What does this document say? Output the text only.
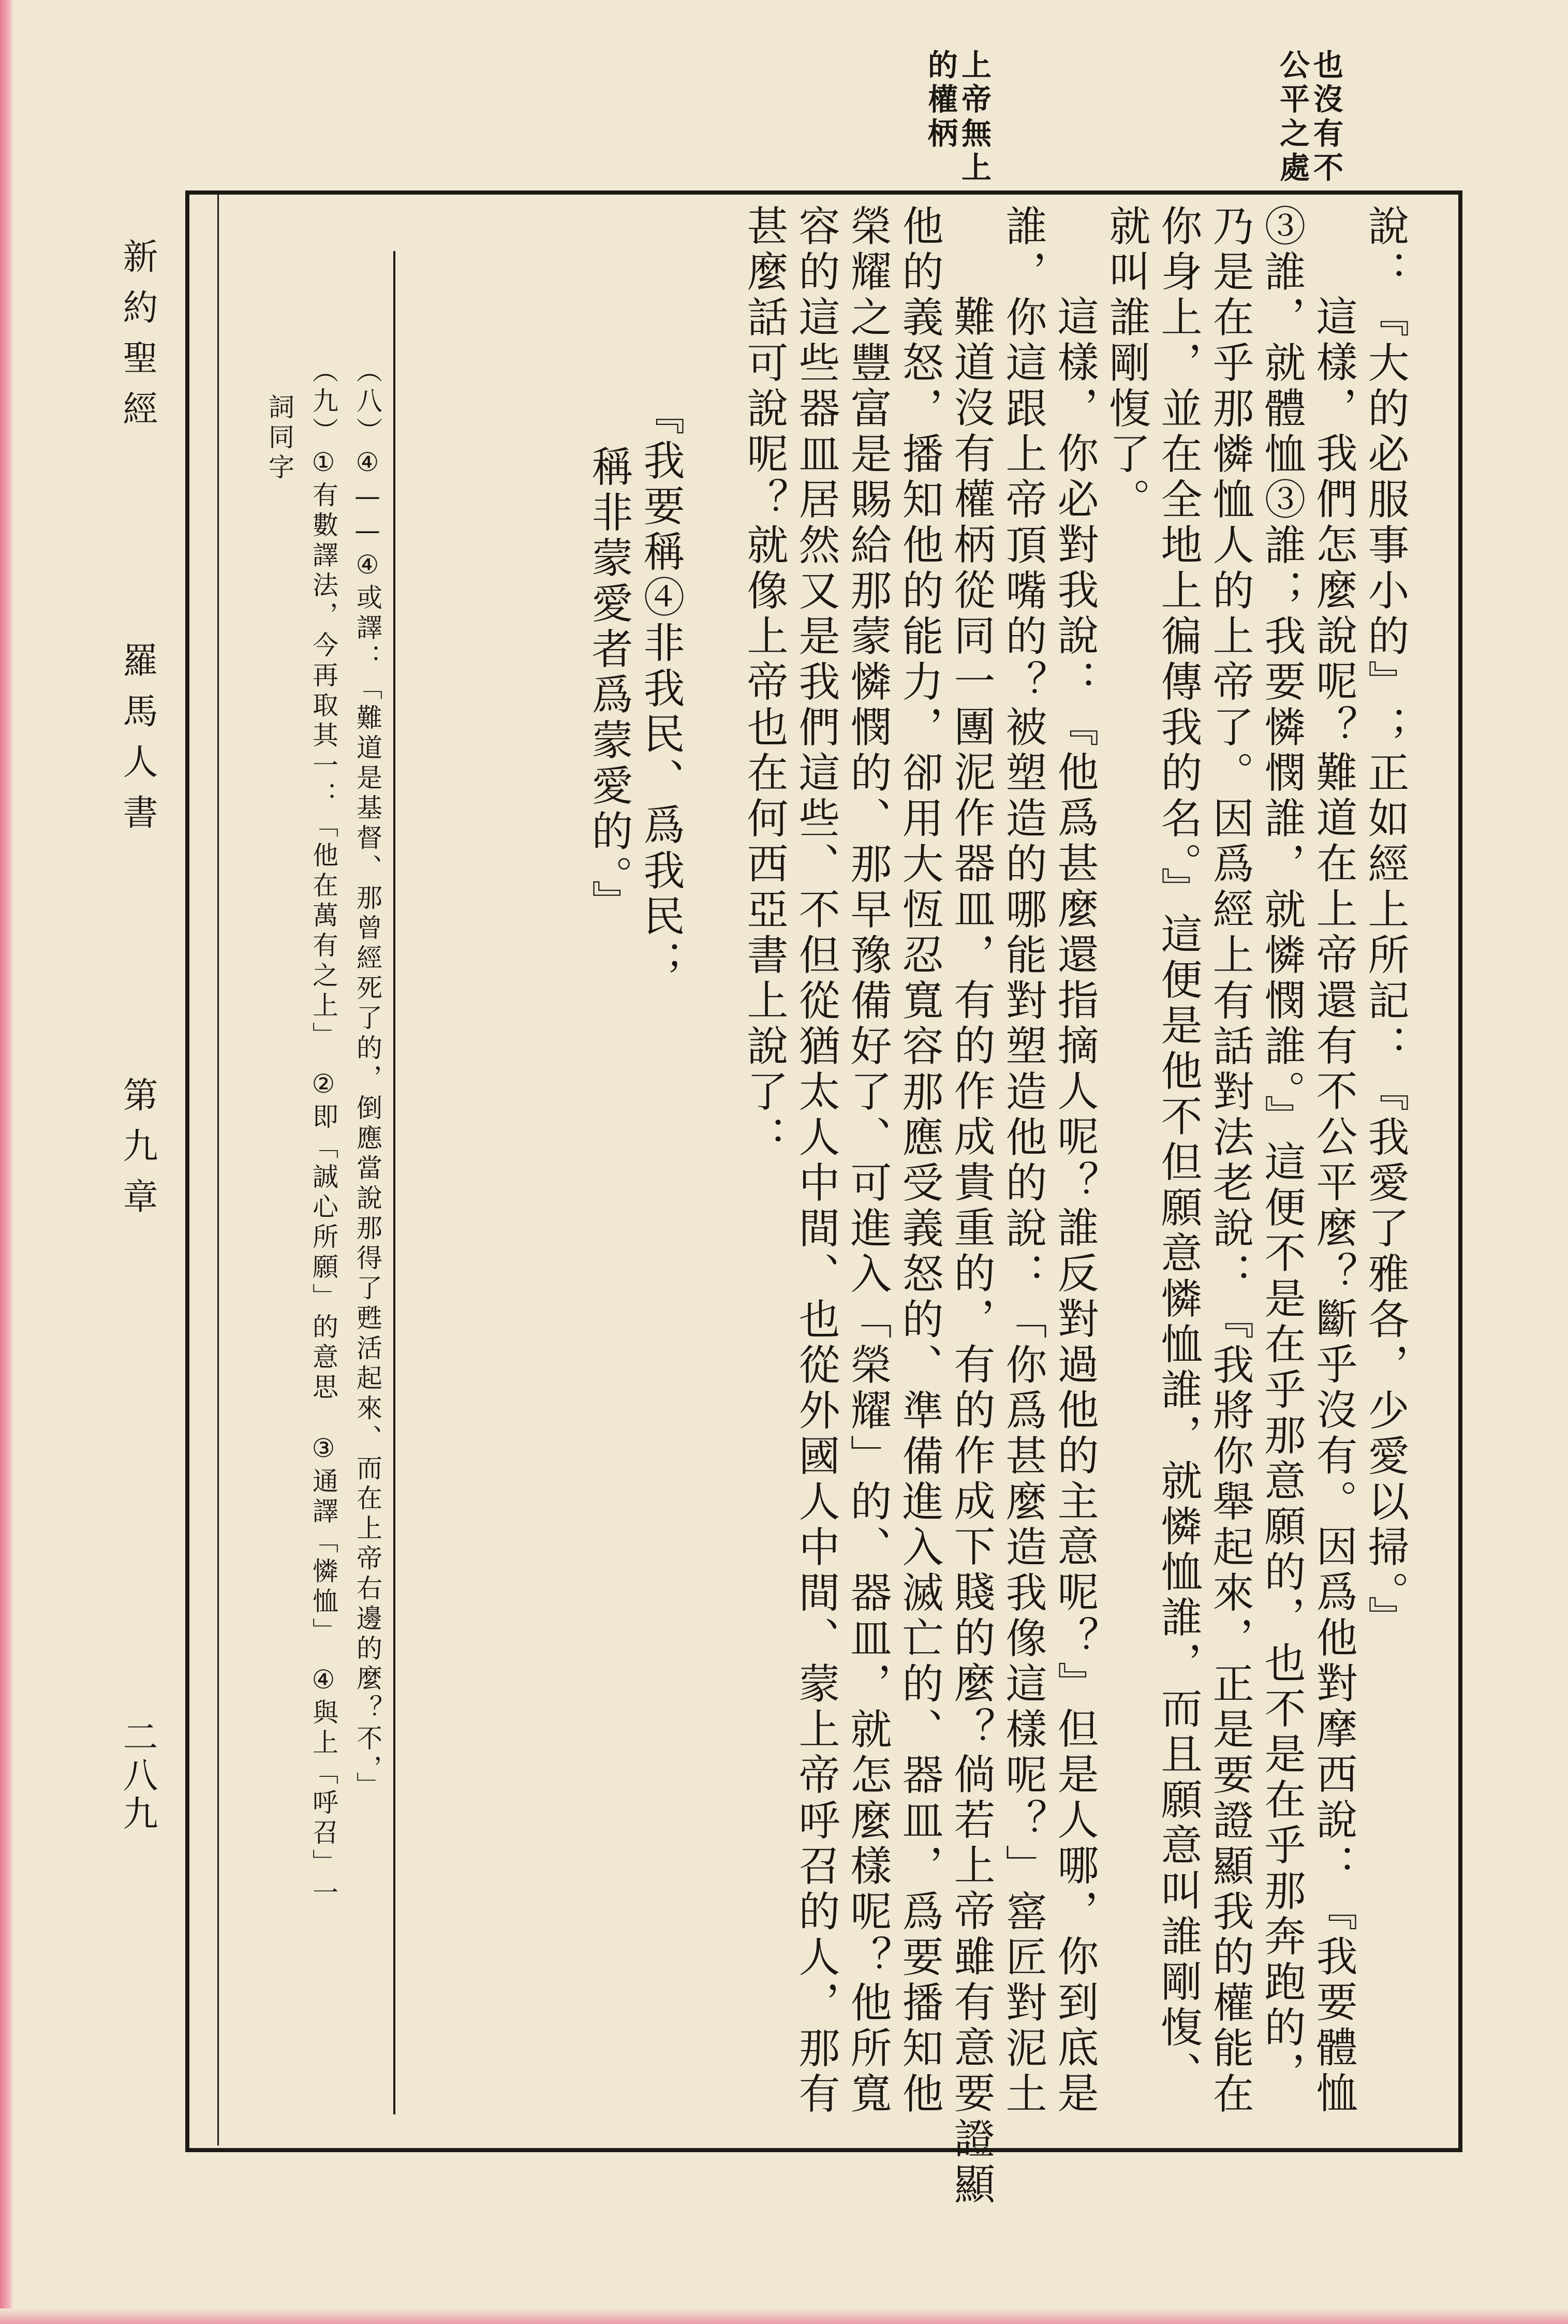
也沒有不
公平之處
上帝無上
的權柄
說：『大的必服事小的』；正如經上所記：『我愛了雅各，少愛以掃。』
這樣，我們怎麼說呢？難道在上帝還有不公平麼？斷乎沒有。因爲他對摩西說：『我要體恤
③誰，就體恤③誰；我要憐憫誰，就憐憫誰。』這便不是在乎那意願的，也不是在乎那奔跑的，
乃是在乎那憐恤人的上帝了。因爲經上有話對法老說：『我將你舉起來，正是要證顯我的權能在
你身上，並在全地上徧傳我的名。』這便是他不但願意憐恤誰，就憐恤誰，而且願意叫誰剛愎、
就叫誰剛愎了。
這樣，你必對我說：『他爲甚麼還指摘人呢？誰反對過他的主意呢？』但是人哪，你到底是
誰，你這跟上帝頂嘴的？被塑造的哪能對塑造他的說：「你爲甚麼造我像這樣呢？」窰匠對泥土
難道沒有權柄從同一團泥作器皿，有的作成貴重的，有的作成下賤的麼？倘若上帝雖有意要證顯
他的義怒，播知他的能力，卻用大恆忍寬容那應受義怒的、準備進入滅亡的、器皿，爲要播知他
榮耀之豐富是賜給那蒙憐憫的、那早豫備好了、可進入「榮耀」的、器皿，就怎麼樣呢？他所寬
容的這些器皿居然又是我們這些、不但從猶太人中間、也從外國人中間、蒙上帝呼召的人，那有
甚麼話可說呢？就像上帝也在何西亞書上說了：
『我要稱④非我民、爲我民；
稱非蒙愛者爲蒙愛的。』
（八）④——④或譯：「難道是基督、那曾經死了的，倒應當說那得了甦活起來、而在上帝右邊的麼？不，」
（九）①有數譯法，今再取其一：「他在萬有之上」　②即「誠心所願」的意思　③通譯「憐恤」　④與上「呼召」一
詞同字
新約聖經
羅馬人書
第九章
二八九
